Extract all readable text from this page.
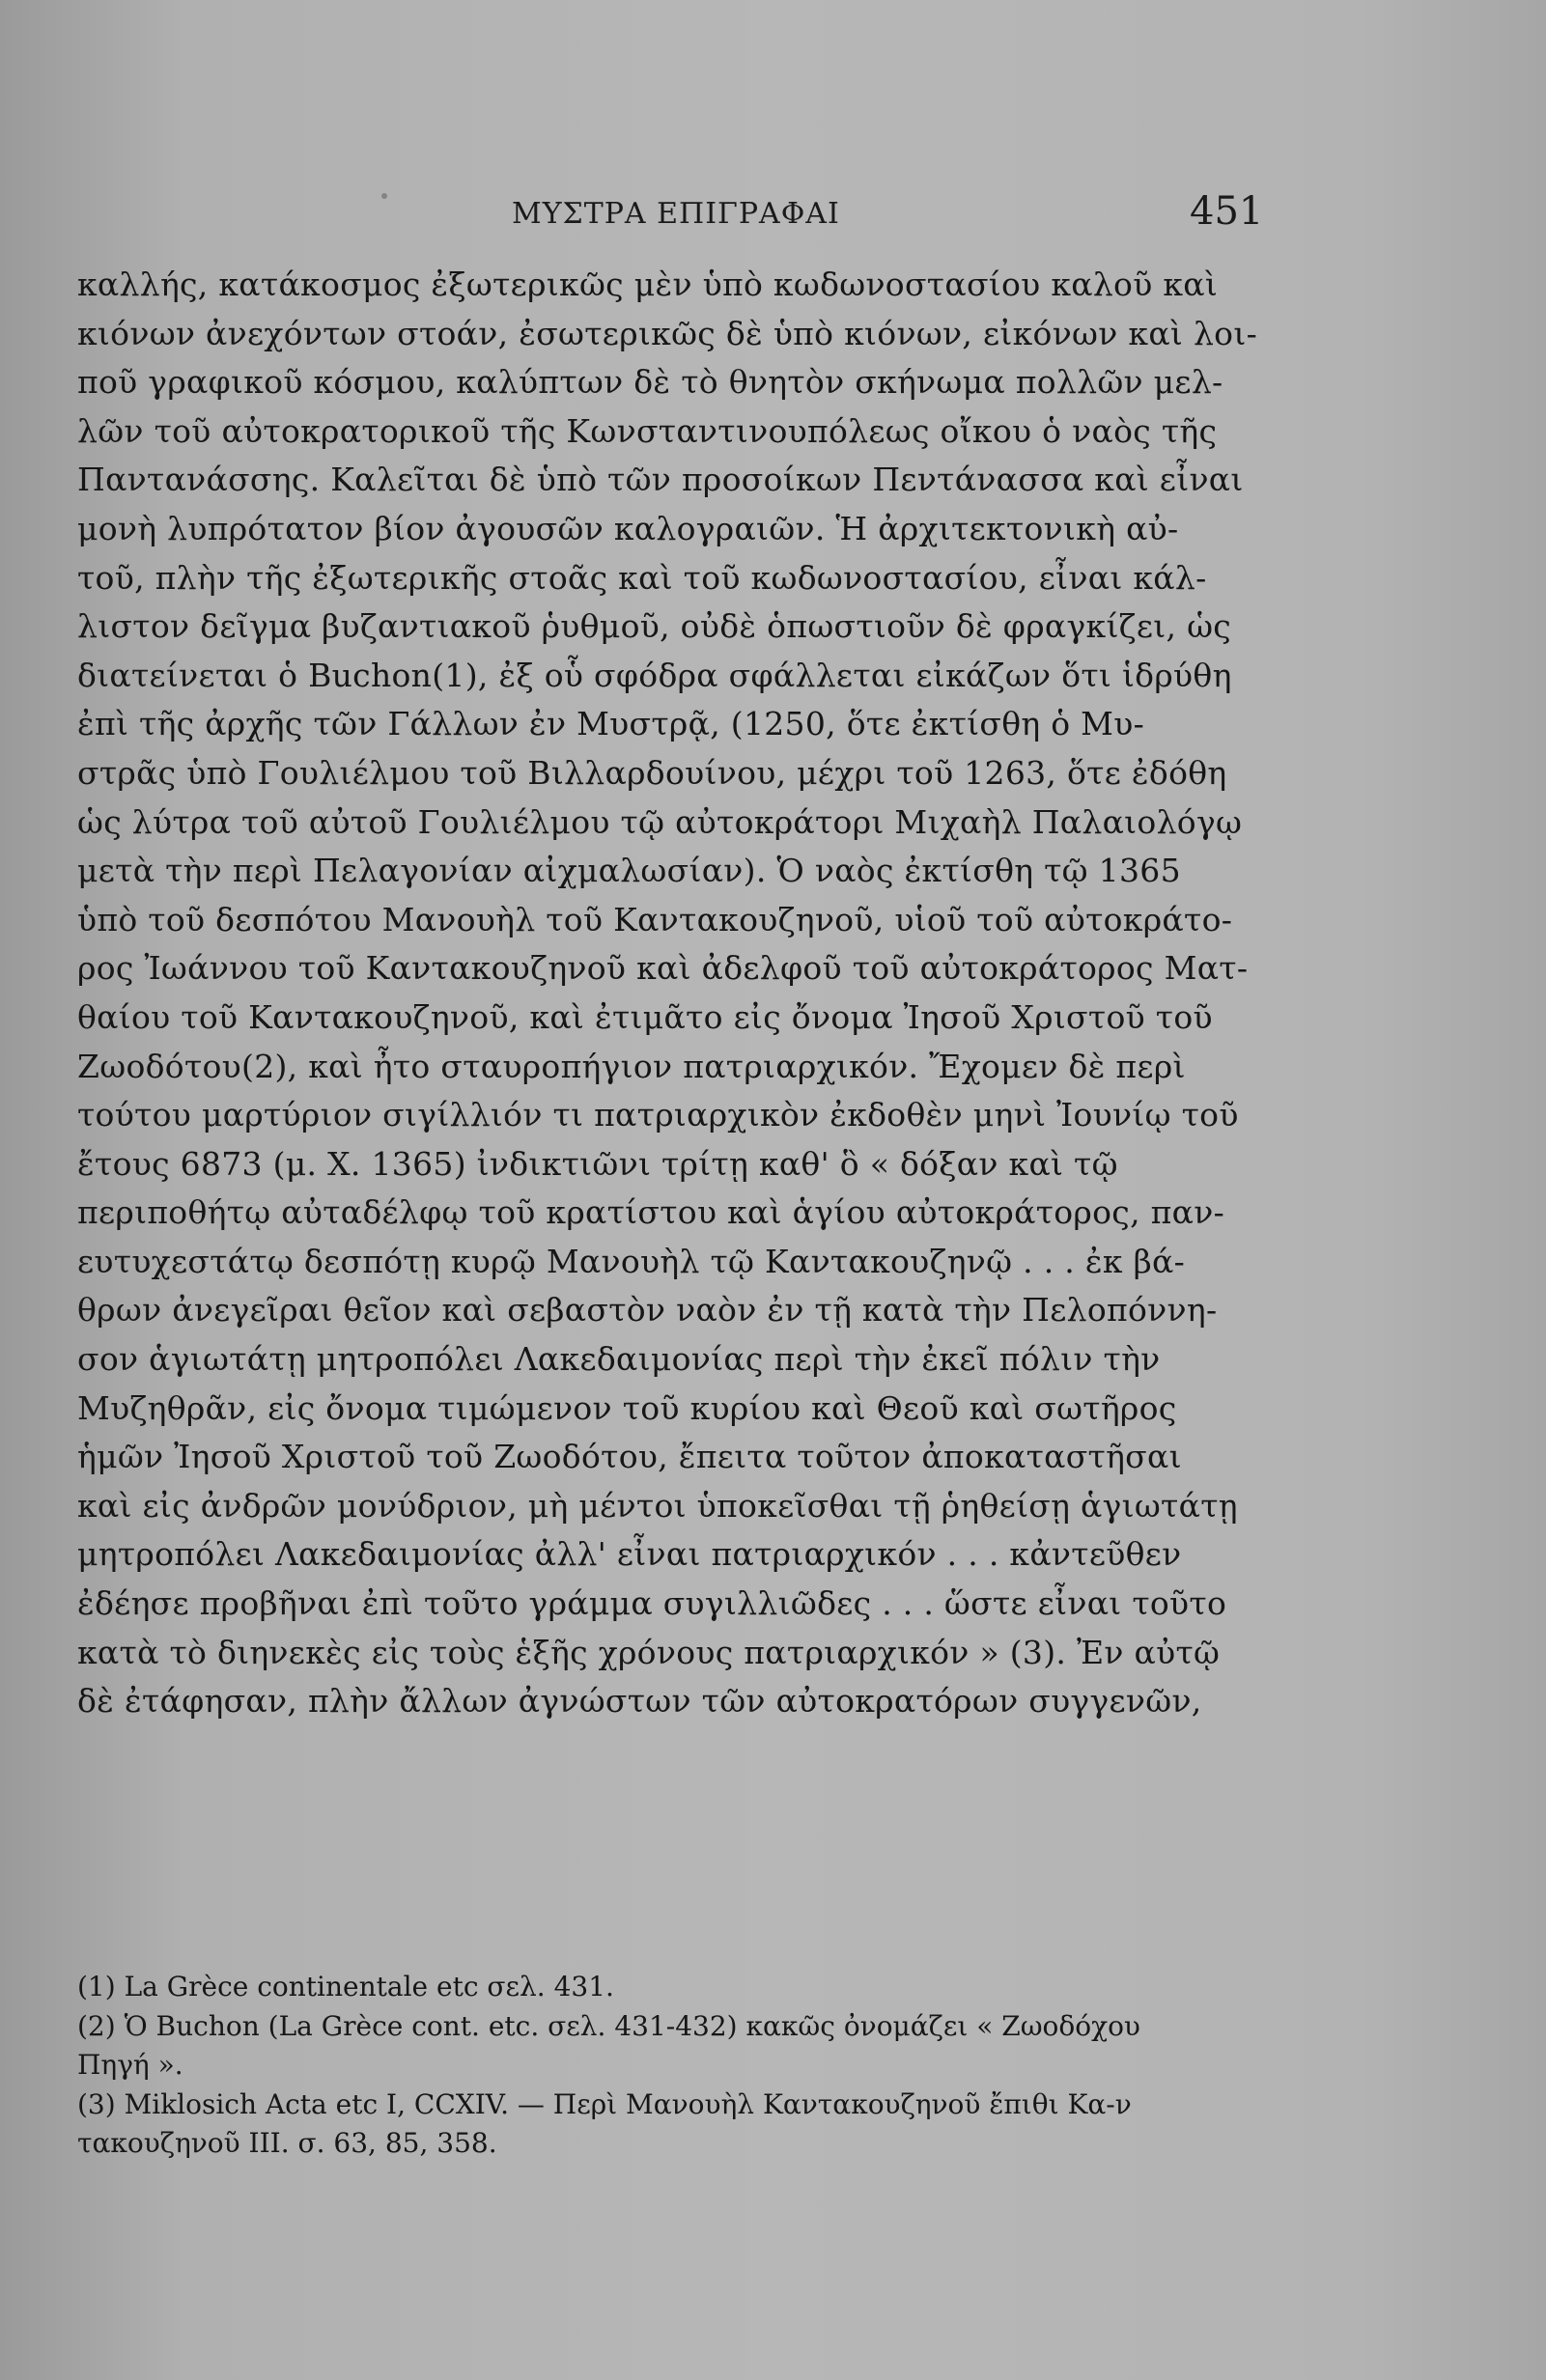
ΜΥΣΤΡΑ ΕΠΙΓΡΑΦΑΙ	451
καλλής, κατάκοσμος ἐξωτερικῶς μὲν ὑπὸ κωδωνοστασίου καλοῦ καὶ
κιόνων ἀνεχόντων στοάν, ἐσωτερικῶς δὲ ὑπὸ κιόνων, εἰκόνων καὶ λοι-
ποῦ γραφικοῦ κόσμου, καλύπτων δὲ τὸ θνητὸν σκήνωμα πολλῶν μελ-
λῶν τοῦ αὐτοκρατορικοῦ τῆς Κωνσταντινουπόλεως οἴκου ὁ ναὸς τῆς
Παντανάσσης. Καλεῖται δὲ ὑπὸ τῶν προσοίκων Πεντάνασσα καὶ εἶναι
μονὴ λυπρότατον βίον ἀγουσῶν καλογραιῶν. Ἡ ἀρχιτεκτονικὴ αὐ-
τοῦ, πλὴν τῆς ἐξωτερικῆς στοᾶς καὶ τοῦ κωδωνοστασίου, εἶναι κάλ-
λιστον δεῖγμα βυζαντιακοῦ ῥυθμοῦ, οὐδὲ ὁπωστιοῦν δὲ φραγκίζει, ὡς
διατείνεται ὁ Buchon(1), ἐξ οὗ σφόδρα σφάλλεται εἰκάζων ὅτι ἱδρύθη
ἐπὶ τῆς ἀρχῆς τῶν Γάλλων ἐν Μυστρᾷ, (1250, ὅτε ἐκτίσθη ὁ Μυ-
στρᾶς ὑπὸ Γουλιέλμου τοῦ Βιλλαρδουίνου, μέχρι τοῦ 1263, ὅτε ἐδόθη
ὡς λύτρα τοῦ αὐτοῦ Γουλιέλμου τῷ αὐτοκράτορι Μιχαὴλ Παλαιολόγῳ
μετὰ τὴν περὶ Πελαγονίαν αἰχμαλωσίαν). Ὁ ναὸς ἐκτίσθη τῷ 1365
ὑπὸ τοῦ δεσπότου Μανουὴλ τοῦ Καντακουζηνοῦ, υἱοῦ τοῦ αὐτοκράτο-
ρος Ἰωάννου τοῦ Καντακουζηνοῦ καὶ ἀδελφοῦ τοῦ αὐτοκράτορος Ματ-
θαίου τοῦ Καντακουζηνοῦ, καὶ ἐτιμᾶτο εἰς ὄνομα Ἰησοῦ Χριστοῦ τοῦ
Ζωοδότου(2), καὶ ἦτο σταυροπήγιον πατριαρχικόν. Ἔχομεν δὲ περὶ
τούτου μαρτύριον σιγίλλιόν τι πατριαρχικὸν ἐκδοθὲν μηνὶ Ἰουνίῳ τοῦ
ἔτους 6873 (μ. Χ. 1365) ἰνδικτιῶνι τρίτῃ καθ' ὃ « δόξαν καὶ τῷ
περιποθήτῳ αὐταδέλφῳ τοῦ κρατίστου καὶ ἁγίου αὐτοκράτορος, παν-
ευτυχεστάτῳ δεσπότῃ κυρῷ Μανουὴλ τῷ Καντακουζηνῷ . . . ἐκ βά-
θρων ἀνεγεῖραι θεῖον καὶ σεβαστὸν ναὸν ἐν τῇ κατὰ τὴν Πελοπόννη-
σον ἁγιωτάτῃ μητροπόλει Λακεδαιμονίας περὶ τὴν ἐκεῖ πόλιν τὴν
Μυζηθρᾶν, εἰς ὄνομα τιμώμενον τοῦ κυρίου καὶ Θεοῦ καὶ σωτῆρος
ἡμῶν Ἰησοῦ Χριστοῦ τοῦ Ζωοδότου, ἔπειτα τοῦτον ἀποκαταστῆσαι
καὶ εἰς ἀνδρῶν μονύδριον, μὴ μέντοι ὑποκεῖσθαι τῇ ῥηθείσῃ ἁγιωτάτῃ
μητροπόλει Λακεδαιμονίας ἀλλ' εἶναι πατριαρχικόν . . . κἀντεῦθεν
ἐδέησε προβῆναι ἐπὶ τοῦτο γράμμα συγιλλιῶδες . . . ὥστε εἶναι τοῦτο
κατὰ τὸ διηνεκὲς εἰς τοὺς ἑξῆς χρόνους πατριαρχικόν » (3). Ἐν αὐτῷ
δὲ ἐτάφησαν, πλὴν ἄλλων ἀγνώστων τῶν αὐτοκρατόρων συγγενῶν,
(1) La Grèce continentale etc σελ. 431.
(2) Ὁ Buchon (La Grèce cont. etc. σελ. 431-432) κακῶς ὀνομάζει « Ζωοδόχου
Πηγή ».
(3) Miklosich Acta etc I, CCXIV. — Περὶ Μανουὴλ Καντακουζηνοῦ ἔπιθι Κα-ν
τακουζηνοῦ III. σ. 63, 85, 358.
